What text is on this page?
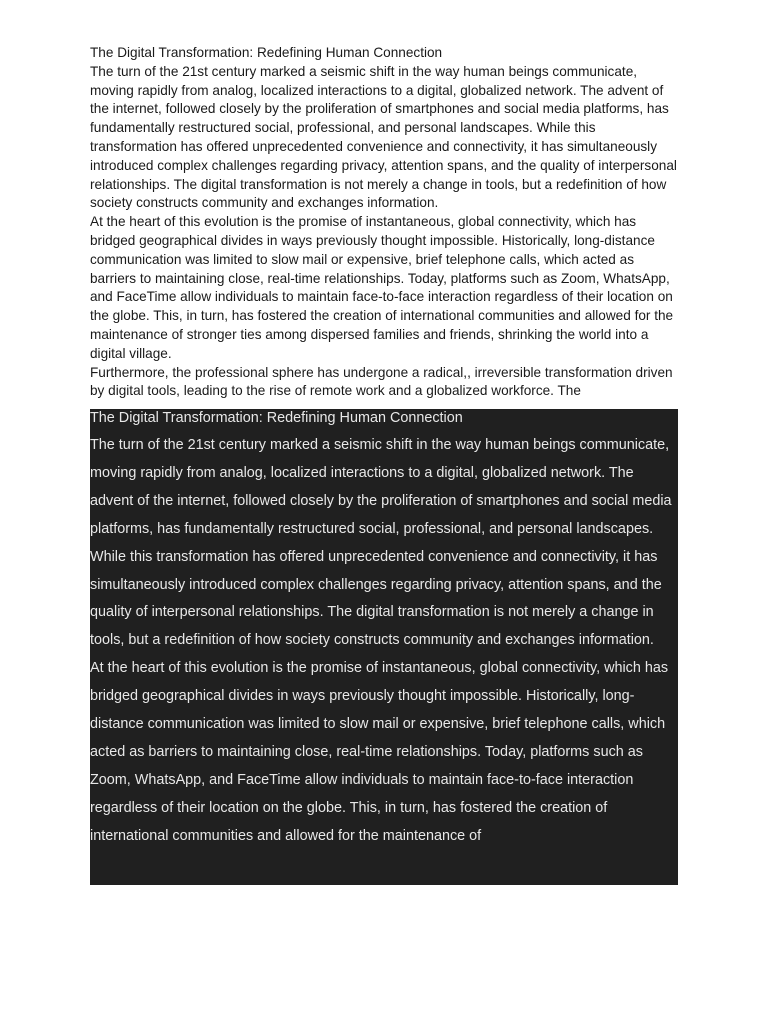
The Digital Transformation: Redefining Human Connection

The turn of the 21st century marked a seismic shift in the way human beings communicate, moving rapidly from analog, localized interactions to a digital, globalized network. The advent of the internet, followed closely by the proliferation of smartphones and social media platforms, has fundamentally restructured social, professional, and personal landscapes. While this transformation has offered unprecedented convenience and connectivity, it has simultaneously introduced complex challenges regarding privacy, attention spans, and the quality of interpersonal relationships. The digital transformation is not merely a change in tools, but a redefinition of how society constructs community and exchanges information.

At the heart of this evolution is the promise of instantaneous, global connectivity, which has bridged geographical divides in ways previously thought impossible. Historically, long-distance communication was limited to slow mail or expensive, brief telephone calls, which acted as barriers to maintaining close, real-time relationships. Today, platforms such as Zoom, WhatsApp, and FaceTime allow individuals to maintain face-to-face interaction regardless of their location on the globe. This, in turn, has fostered the creation of international communities and allowed for the maintenance of stronger ties among dispersed families and friends, shrinking the world into a digital village.

Furthermore, the professional sphere has undergone a radical,, irreversible transformation driven by digital tools, leading to the rise of remote work and a globalized workforce. The

The Digital Transformation: Redefining Human Connection

The turn of the 21st century marked a seismic shift in the way human beings communicate, moving rapidly from analog, localized interactions to a digital, globalized network. The advent of the internet, followed closely by the proliferation of smartphones and social media platforms, has fundamentally restructured social, professional, and personal landscapes. While this transformation has offered unprecedented convenience and connectivity, it has simultaneously introduced complex challenges regarding privacy, attention spans, and the quality of interpersonal relationships. The digital transformation is not merely a change in tools, but a redefinition of how society constructs community and exchanges information.

At the heart of this evolution is the promise of instantaneous, global connectivity, which has bridged geographical divides in ways previously thought impossible. Historically, long-distance communication was limited to slow mail or expensive, brief telephone calls, which acted as barriers to maintaining close, real-time relationships. Today, platforms such as Zoom, WhatsApp, and FaceTime allow individuals to maintain face-to-face interaction regardless of their location on the globe. This, in turn, has fostered the creation of international communities and allowed for the maintenance of
